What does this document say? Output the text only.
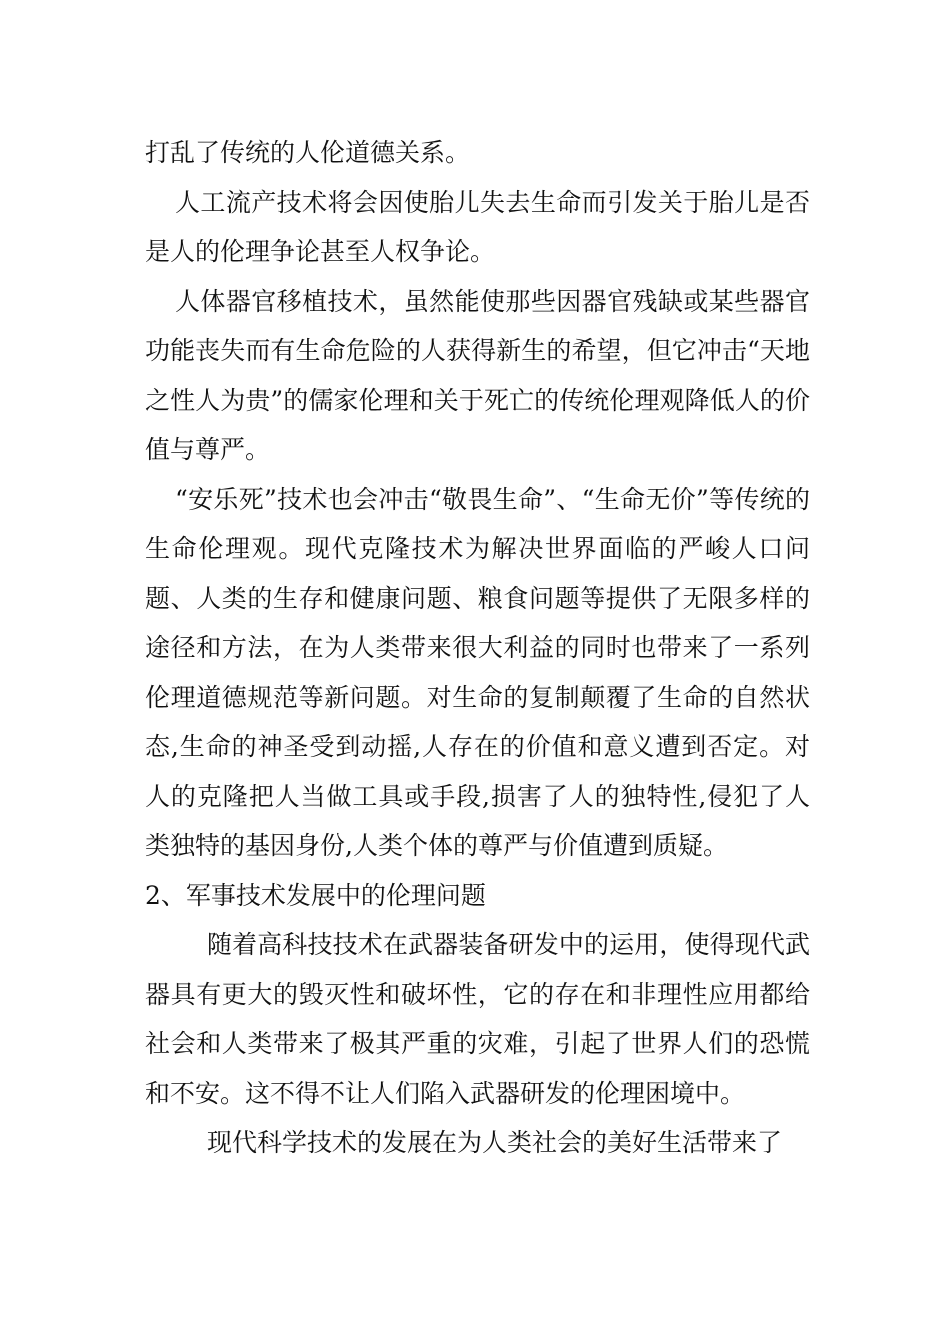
打乱了传统的人伦道德关系。

人工流产技术将会因使胎儿失去生命而引发关于胎儿是否是人的伦理争论甚至人权争论。

人体器官移植技术，虽然能使那些因器官残缺或某些器官功能丧失而有生命危险的人获得新生的希望，但它冲击“天地之性人为贵”的儒家伦理和关于死亡的传统伦理观降低人的价值与尊严。

“安乐死”技术也会冲击“敬畏生命”、“生命无价”等传统的生命伦理观。现代克隆技术为解决世界面临的严峻人口问题、人类的生存和健康问题、粮食问题等提供了无限多样的途径和方法，在为人类带来很大利益的同时也带来了一系列伦理道德规范等新问题。对生命的复制颠覆了生命的自然状态,生命的神圣受到动摇,人存在的价值和意义遭到否定。对人的克隆把人当做工具或手段,损害了人的独特性,侵犯了人类独特的基因身份,人类个体的尊严与价值遭到质疑。

2、军事技术发展中的伦理问题

随着高科技技术在武器装备研发中的运用，使得现代武器具有更大的毁灭性和破坏性，它的存在和非理性应用都给社会和人类带来了极其严重的灾难，引起了世界人们的恐慌和不安。这不得不让人们陷入武器研发的伦理困境中。

现代科学技术的发展在为人类社会的美好生活带来了
